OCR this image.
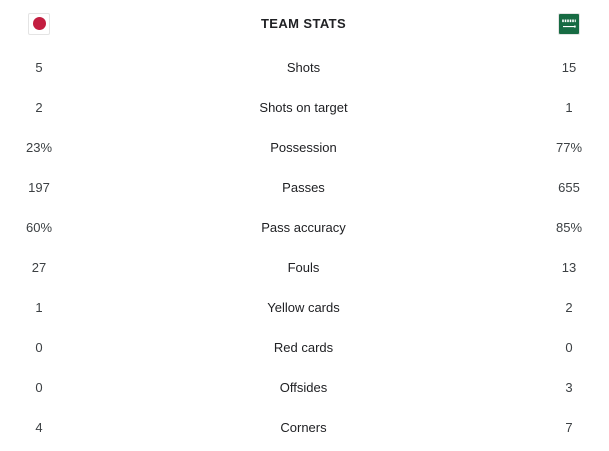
TEAM STATS
5	Shots	15
2	Shots on target	1
23%	Possession	77%
197	Passes	655
60%	Pass accuracy	85%
27	Fouls	13
1	Yellow cards	2
0	Red cards	0
0	Offsides	3
4	Corners	7
